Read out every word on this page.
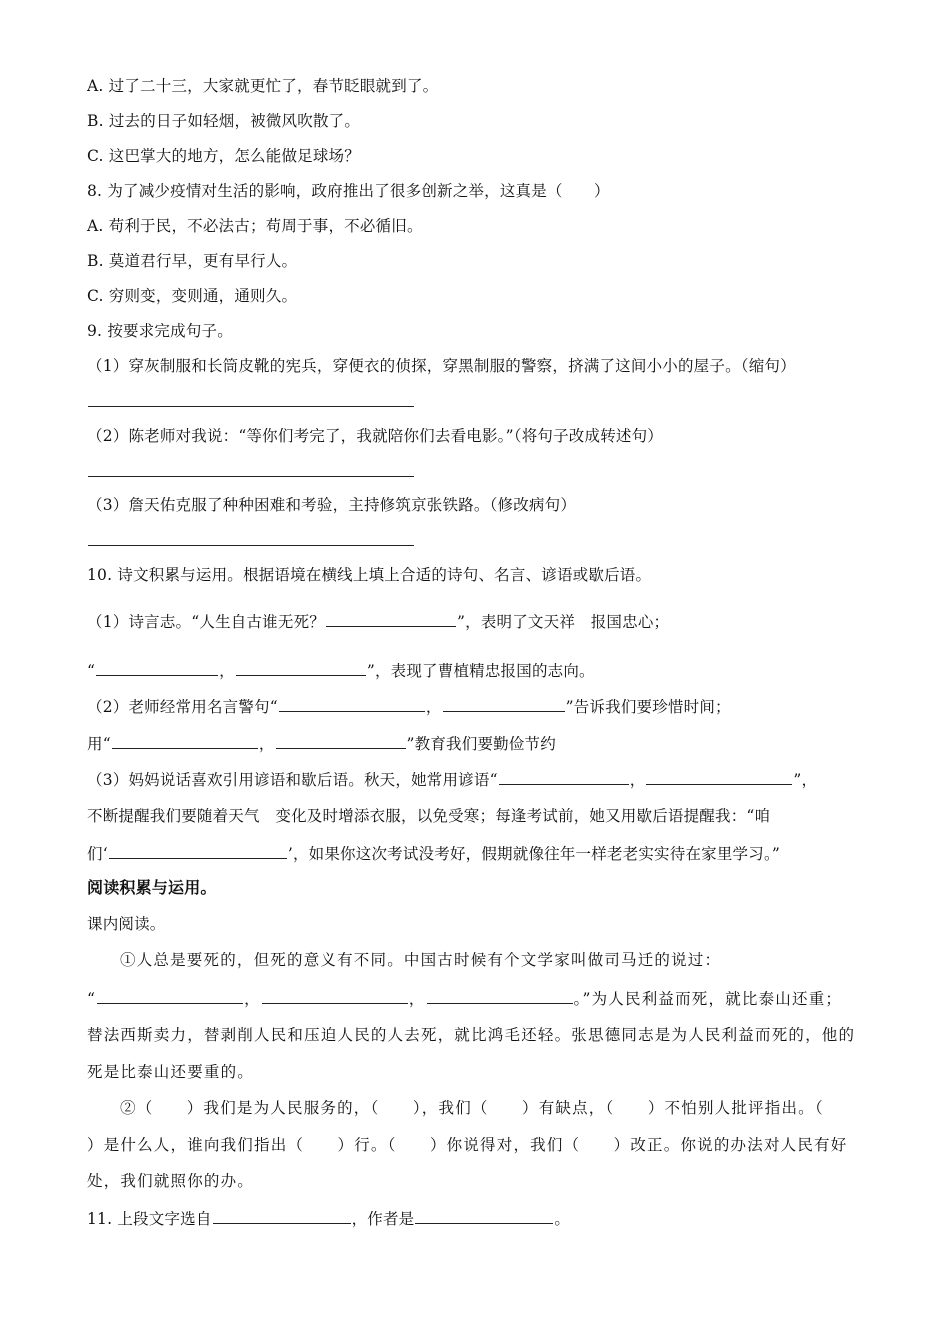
A. 过了二十三，大家就更忙了，春节眨眼就到了。
B. 过去的日子如轻烟，被微风吹散了。
C. 这巴掌大的地方，怎么能做足球场？
8. 为了减少疫情对生活的影响，政府推出了很多创新之举，这真是（　　）
A. 苟利于民，不必法古；苟周于事，不必循旧。
B. 莫道君行早，更有早行人。
C. 穷则变，变则通，通则久。
9. 按要求完成句子。
（1）穿灰制服和长筒皮靴的宪兵，穿便衣的侦探，穿黑制服的警察，挤满了这间小小的屋子。（缩句）
（2）陈老师对我说：“等你们考完了，我就陪你们去看电影。”（将句子改成转述句）
（3）詹天佑克服了种种困难和考验，主持修筑京张铁路。（修改病句）
10. 诗文积累与运用。根据语境在横线上填上合适的诗句、名言、谚语或歇后语。
（1）诗言志。“人生自古谁无死？	”，表明了文天祥　报国忠心；
“	，	”，表现了曹植精忠报国的志向。
（2）老师经常用名言警句“	，	”告诉我们要珍惜时间；
用“	，	”教育我们要勤俭节约
（3）妈妈说话喜欢引用谚语和歇后语。秋天，她常用谚语“	，	”，
不断提醒我们要随着天气　变化及时增添衣服，以免受寒；每逢考试前，她又用歇后语提醒我：“咱
们‘	’，如果你这次考试没考好，假期就像往年一样老老实实待在家里学习。”
阅读积累与运用。
课内阅读。
①人总是要死的，但死的意义有不同。中国古时候有个文学家叫做司马迁的说过：
“	，	，	。”为人民利益而死，就比泰山还重；
替法西斯卖力，替剥削人民和压迫人民的人去死，就比鸿毛还轻。张思德同志是为人民利益而死的，他的
死是比泰山还要重的。
②（　　）我们是为人民服务的，（　　），我们（　　）有缺点，（　　）不怕别人批评指出。（
）是什么人，谁向我们指出（　　）行。（　　）你说得对，我们（　　）改正。你说的办法对人民有好
处，我们就照你的办。
11. 上段文字选自	，作者是	。
